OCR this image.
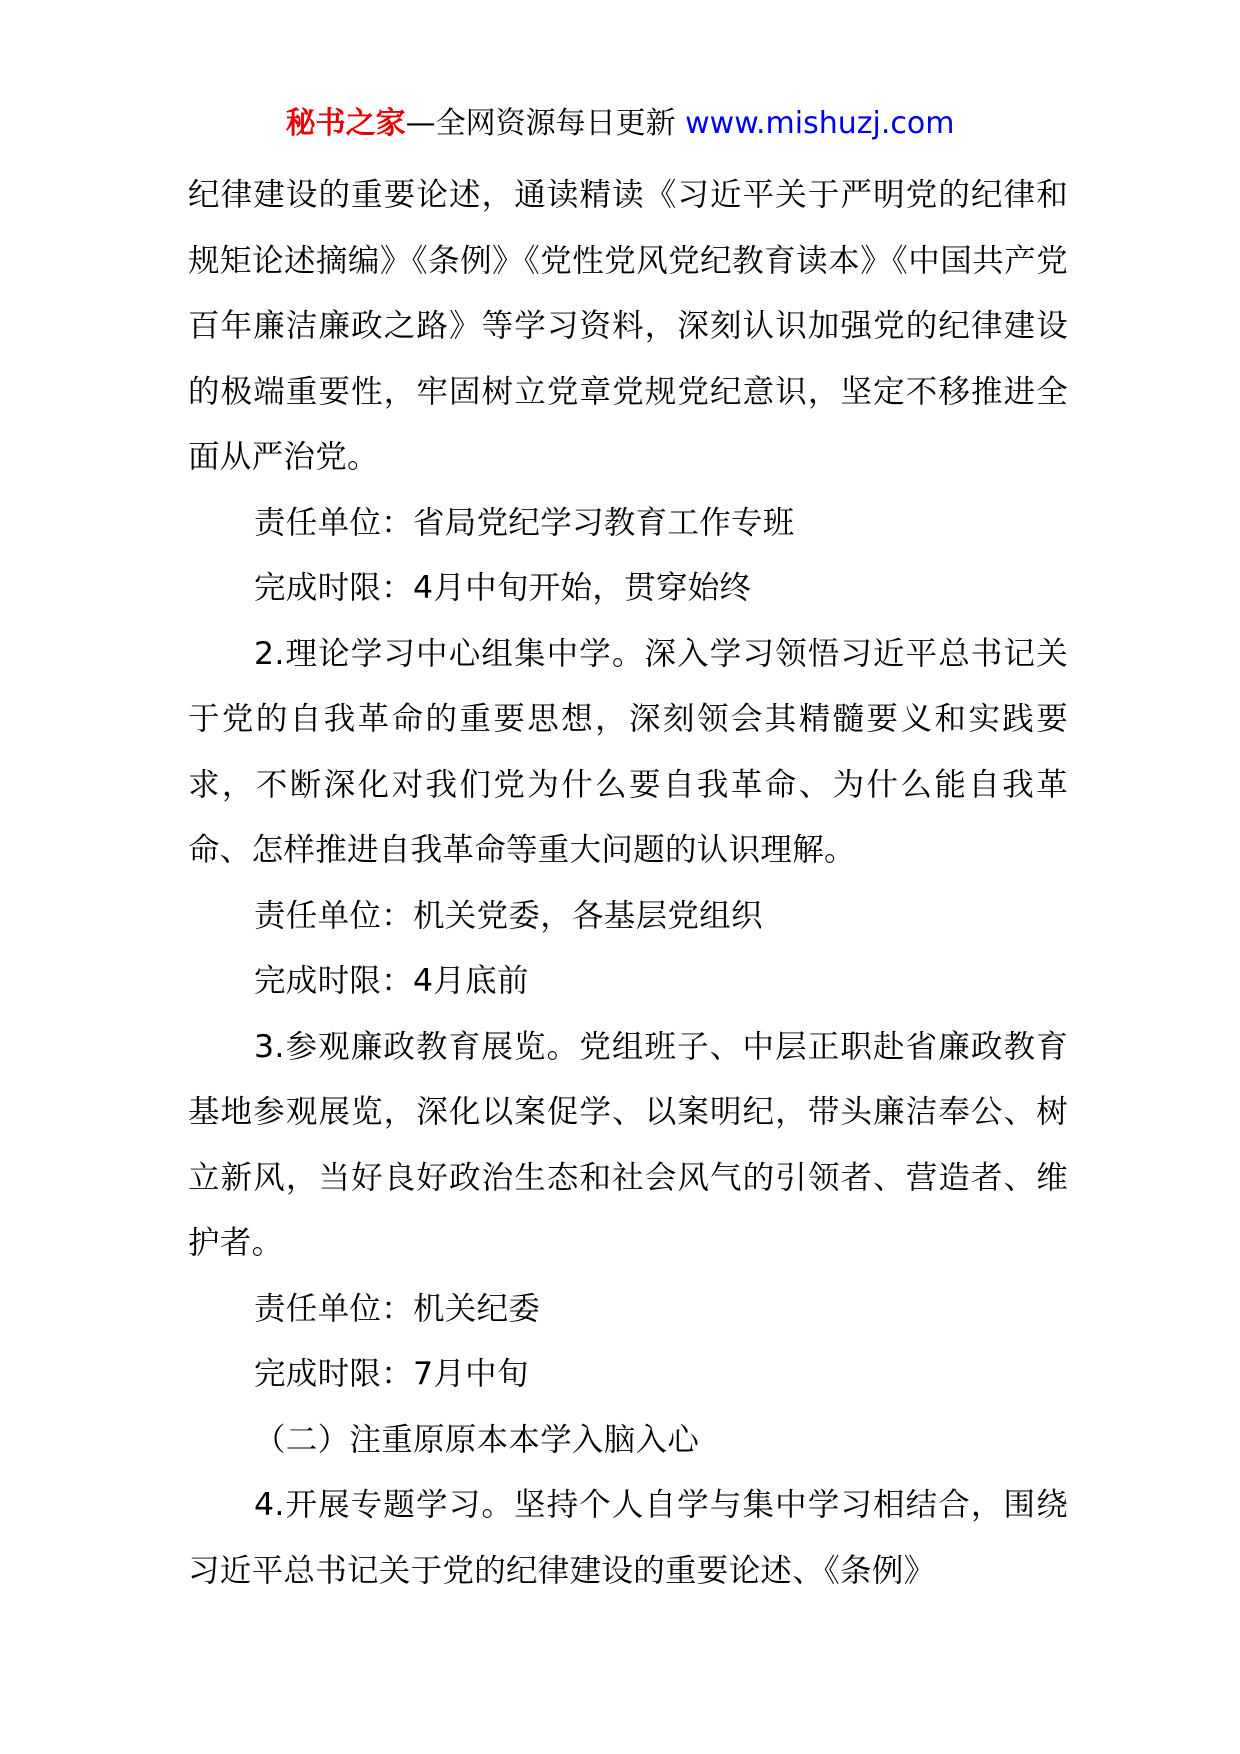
秘书之家—全网资源每日更新 www.mishuzj.com

纪律建设的重要论述，通读精读《习近平关于严明党的纪律和规矩论述摘编》《条例》《党性党风党纪教育读本》《中国共产党百年廉洁廉政之路》等学习资料，深刻认识加强党的纪律建设的极端重要性，牢固树立党章党规党纪意识，坚定不移推进全面从严治党。

责任单位：省局党纪学习教育工作专班

完成时限：4月中旬开始，贯穿始终

2.理论学习中心组集中学。深入学习领悟习近平总书记关于党的自我革命的重要思想，深刻领会其精髓要义和实践要求，不断深化对我们党为什么要自我革命、为什么能自我革命、怎样推进自我革命等重大问题的认识理解。

责任单位：机关党委，各基层党组织

完成时限：4月底前

3.参观廉政教育展览。党组班子、中层正职赴省廉政教育基地参观展览，深化以案促学、以案明纪，带头廉洁奉公、树立新风，当好良好政治生态和社会风气的引领者、营造者、维护者。

责任单位：机关纪委

完成时限：7月中旬

（二）注重原原本本学入脑入心

4.开展专题学习。坚持个人自学与集中学习相结合，围绕习近平总书记关于党的纪律建设的重要论述、《条例》
